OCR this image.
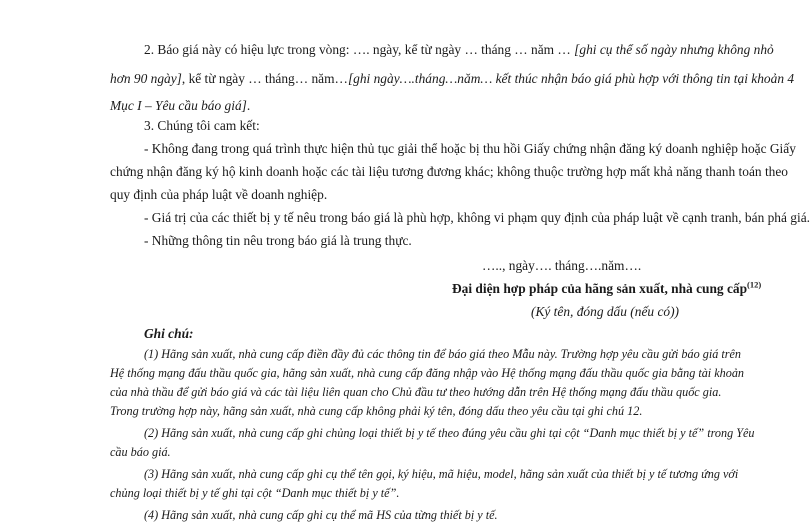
2. Báo giá này có hiệu lực trong vòng: …. ngày, kể từ ngày … tháng … năm … [ghi cụ thể số ngày nhưng không nhỏ
hơn 90 ngày], kể từ ngày … tháng… năm…[ghi ngày….tháng…năm… kết thúc nhận báo giá phù hợp với thông tin tại khoản 4
Mục I – Yêu cầu báo giá].
3. Chúng tôi cam kết:
- Không đang trong quá trình thực hiện thủ tục giải thể hoặc bị thu hồi Giấy chứng nhận đăng ký doanh nghiệp hoặc Giấy
chứng nhận đăng ký hộ kinh doanh hoặc các tài liệu tương đương khác; không thuộc trường hợp mất khả năng thanh toán theo
quy định của pháp luật về doanh nghiệp.
- Giá trị của các thiết bị y tế nêu trong báo giá là phù hợp, không vi phạm quy định của pháp luật về cạnh tranh, bán phá giá.
- Những thông tin nêu trong báo giá là trung thực.
….., ngày…. tháng….năm….
Đại diện hợp pháp của hãng sản xuất, nhà cung cấp$^{(12)}$
(Ký tên, đóng dấu (nếu có))
Ghi chú:
(1) Hãng sản xuất, nhà cung cấp điền đầy đủ các thông tin để báo giá theo Mẫu này. Trường hợp yêu cầu gửi báo giá trên
Hệ thống mạng đấu thầu quốc gia, hãng sản xuất, nhà cung cấp đăng nhập vào Hệ thống mạng đấu thầu quốc gia bằng tài khoản
của nhà thầu để gửi báo giá và các tài liệu liên quan cho Chủ đầu tư theo hướng dẫn trên Hệ thống mạng đấu thầu quốc gia.
Trong trường hợp này, hãng sản xuất, nhà cung cấp không phải ký tên, đóng dấu theo yêu cầu tại ghi chú 12.
(2) Hãng sản xuất, nhà cung cấp ghi chủng loại thiết bị y tế theo đúng yêu cầu ghi tại cột “Danh mục thiết bị y tế” trong Yêu
cầu báo giá.
(3) Hãng sản xuất, nhà cung cấp ghi cụ thể tên gọi, ký hiệu, mã hiệu, model, hãng sản xuất của thiết bị y tế tương ứng với
chủng loại thiết bị y tế ghi tại cột “Danh mục thiết bị y tế”.
(4) Hãng sản xuất, nhà cung cấp ghi cụ thể mã HS của từng thiết bị y tế.
